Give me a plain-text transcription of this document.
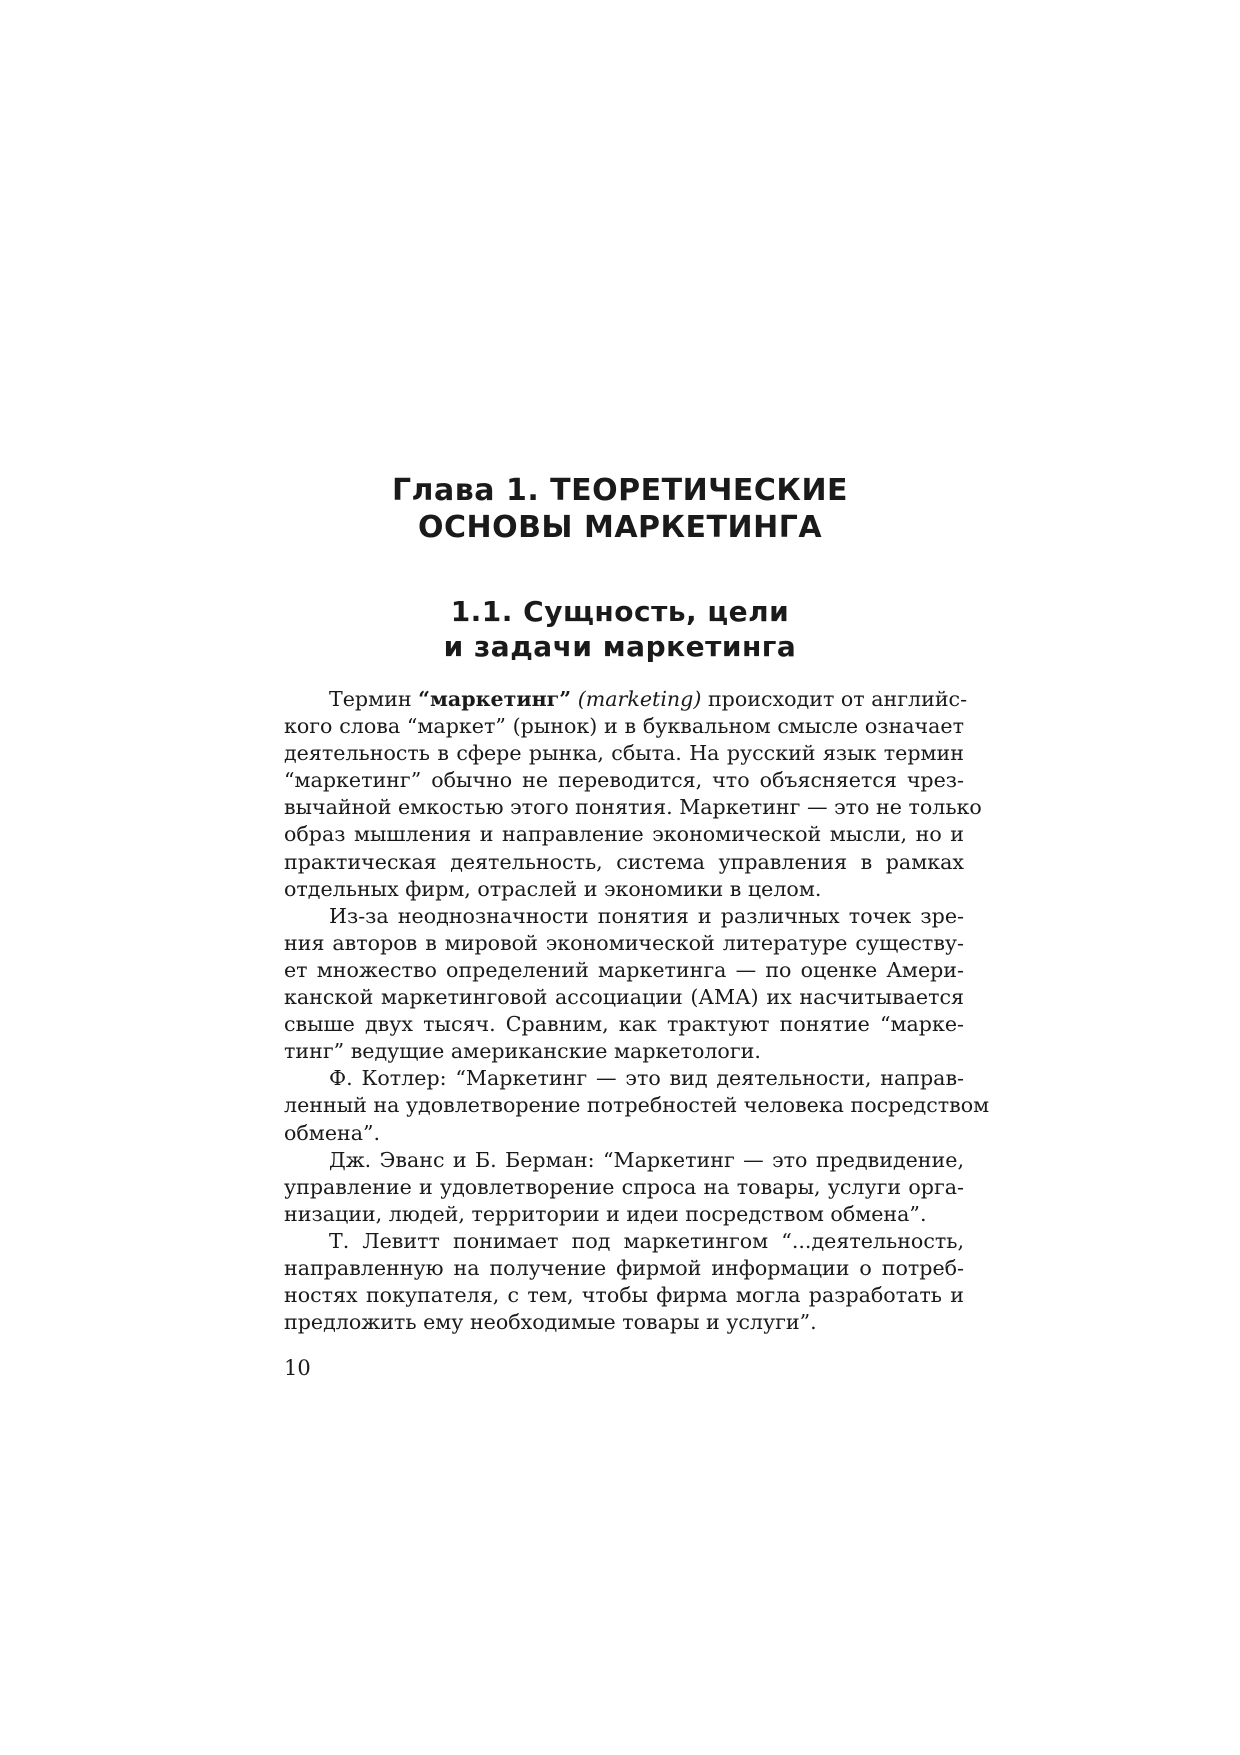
Глава 1. ТЕОРЕТИЧЕСКИЕ
ОСНОВЫ МАРКЕТИНГА
1.1. Сущность, цели
и задачи маркетинга
Термин “маркетинг” (marketing) происходит от английс-
кого слова “маркет” (рынок) и в буквальном смысле означает
деятельность в сфере рынка, сбыта. На русский язык термин
“маркетинг” обычно не переводится, что объясняется чрез-
вычайной емкостью этого понятия. Маркетинг — это не только
образ мышления и направление экономической мысли, но и
практическая деятельность, система управления в рамках
отдельных фирм, отраслей и экономики в целом.
Из-за неоднозначности понятия и различных точек зре-
ния авторов в мировой экономической литературе существу-
ет множество определений маркетинга — по оценке Амери-
канской маркетинговой ассоциации (АМА) их насчитывается
свыше двух тысяч. Сравним, как трактуют понятие “марке-
тинг” ведущие американские маркетологи.
Ф. Котлер: “Маркетинг — это вид деятельности, направ-
ленный на удовлетворение потребностей человека посредством
обмена”.
Дж. Эванс и Б. Берман: “Маркетинг — это предвидение,
управление и удовлетворение спроса на товары, услуги орга-
низации, людей, территории и идеи посредством обмена”.
Т. Левитт понимает под маркетингом “...деятельность,
направленную на получение фирмой информации о потреб-
ностях покупателя, с тем, чтобы фирма могла разработать и
предложить ему необходимые товары и услуги”.
10
